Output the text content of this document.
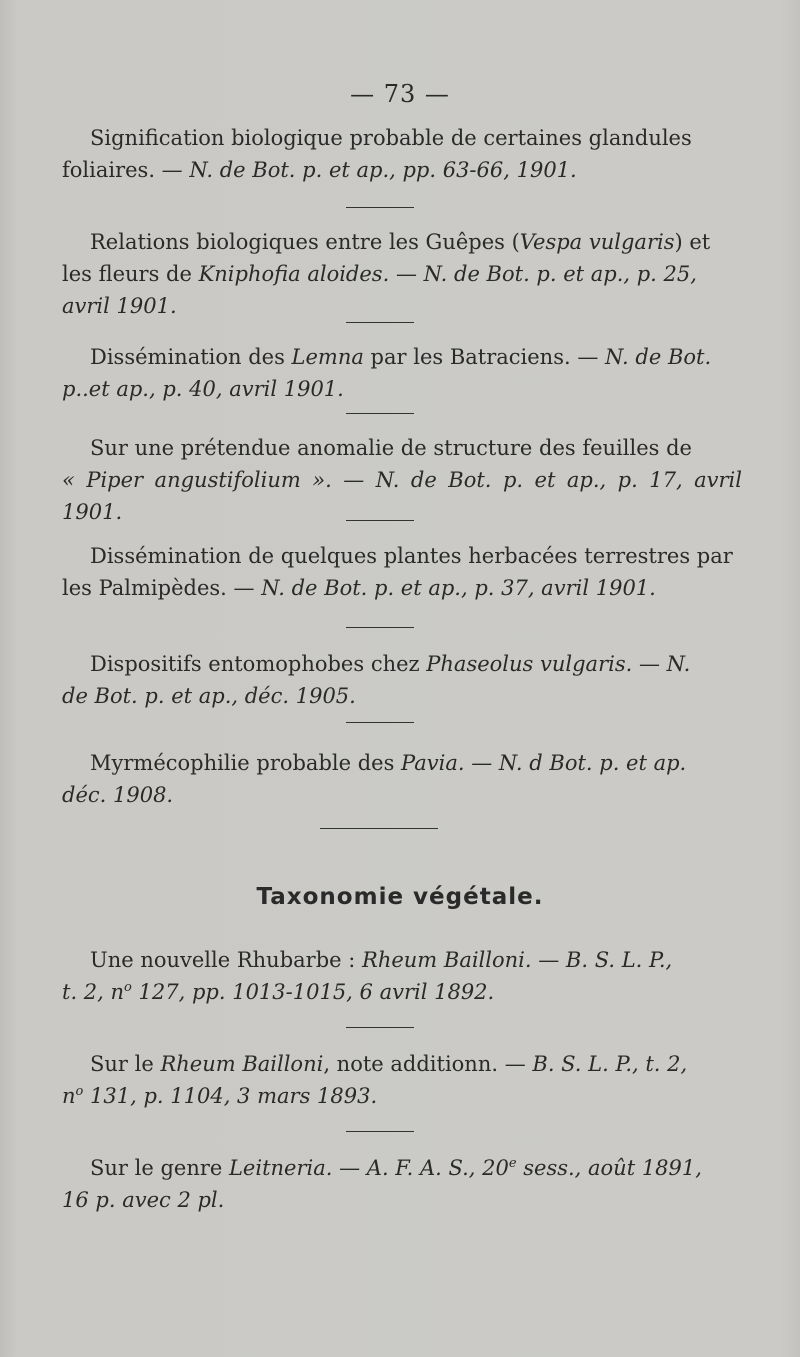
— 73 —
Signification biologique probable de certaines glandules
foliaires. — N. de Bot. p. et ap., pp. 63-66, 1901.
Relations biologiques entre les Guêpes (Vespa vulgaris) et
les fleurs de Kniphofia aloides. — N. de Bot. p. et ap., p. 25,
avril 1901.
Dissémination des Lemna par les Batraciens. — N. de Bot.
p..et ap., p. 40, avril 1901.
Sur une prétendue anomalie de structure des feuilles de
« Piper angustifolium ». — N. de Bot. p. et ap., p. 17, avril 1901.
Dissémination de quelques plantes herbacées terrestres par
les Palmipèdes. — N. de Bot. p. et ap., p. 37, avril 1901.
Dispositifs entomophobes chez Phaseolus vulgaris. — N.
de Bot. p. et ap., déc. 1905.
Myrmécophilie probable des Pavia. — N. d Bot. p. et ap.
déc. 1908.
Taxonomie végétale.
Une nouvelle Rhubarbe : Rheum Bailloni. — B. S. L. P.,
t. 2, $n^o$ 127, pp. 1013-1015, 6 avril 1892.
Sur le Rheum Bailloni, note additionn. — B. S. L. P., t. 2,
$n^o$ 131, p. 1104, 3 mars 1893.
Sur le genre Leitneria. — A. F. A. S., 20e sess., août 1891,
16 p. avec 2 pl.
